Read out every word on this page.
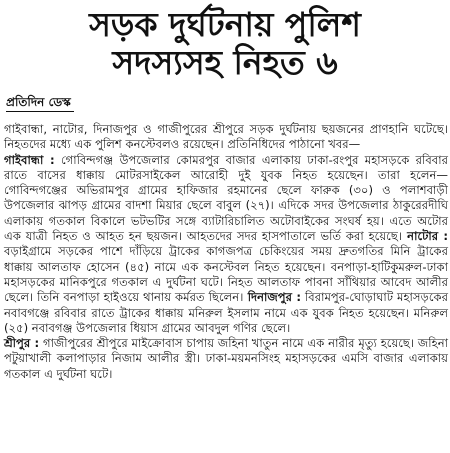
সড়ক দুর্ঘটনায় পুলিশ
সদস্যসহ নিহত ৬
প্রতিদিন ডেস্ক

গাইবান্ধা, নাটোর, দিনাজপুর ও গাজীপুরের শ্রীপুরে সড়ক দুর্ঘটনায় ছয়জনের প্রাণহানি ঘটেছে। নিহতদের মধ্যে এক পুলিশ কনস্টেবলও রয়েছেন। প্রতিনিধিদের পাঠানো খবর—

গাইবান্ধা : গোবিন্দগঞ্জ উপজেলার কোমরপুর বাজার এলাকায় ঢাকা-রংপুর মহাসড়কে রবিবার রাতে বাসের ধাক্কায় মোটরসাইকেল আরোহী দুই যুবক নিহত হয়েছেন। তারা হলেন— গোবিন্দগঞ্জের অভিরামপুর গ্রামের হাফিজার রহমানের ছেলে ফারুক (৩০) ও পলাশবাড়ী উপজেলার ঝাপড় গ্রামের বাদশা মিয়ার ছেলে বাবুল (২৭)। এদিকে সদর উপজেলার ঠাকুরেরদীঘি এলাকায় গতকাল বিকালে ভটভটির সঙ্গে ব্যাটারিচালিত অটোবাইকের সংঘর্ষ হয়। এতে অটোর এক যাত্রী নিহত ও আহত হন ছয়জন। আহতদের সদর হাসপাতালে ভর্তি করা হয়েছে। নাটোর : বড়াইগ্রামে সড়কের পাশে দাঁড়িয়ে ট্রাকের কাগজপত্র চেকিংয়ের সময় দ্রুতগতির মিনি ট্রাকের ধাক্কায় আলতাফ হোসেন (৪৫) নামে এক কনস্টেবল নিহত হয়েছেন। বনপাড়া-হাটিকুমরুল-ঢাকা মহাসড়কের মানিকপুরে গতকাল এ দুর্ঘটনা ঘটে। নিহত আলতাফ পাবনা সাঁথিয়ার আবেদ আলীর ছেলে। তিনি বনপাড়া হাইওয়ে থানায় কর্মরত ছিলেন। দিনাজপুর : বিরামপুর-ঘোড়াঘাট মহাসড়কের নবাবগঞ্জে রবিবার রাতে ট্রাকের ধাক্কায় মনিরুল ইসলাম নামে এক যুবক নিহত হয়েছেন। মনিরুল (২৫) নবাবগঞ্জ উপজেলার ধিয়াস গ্রামের আবদুল গণির ছেলে।

শ্রীপুর : গাজীপুরের শ্রীপুরে মাইক্রোবাস চাপায় জহিনা খাতুন নামে এক নারীর মৃত্যু হয়েছে। জহিনা পটুয়াখালী কলাপাড়ার নিজাম আলীর স্ত্রী। ঢাকা-ময়মনসিংহ মহাসড়কের এমসি বাজার এলাকায় গতকাল এ দুর্ঘটনা ঘটে।
